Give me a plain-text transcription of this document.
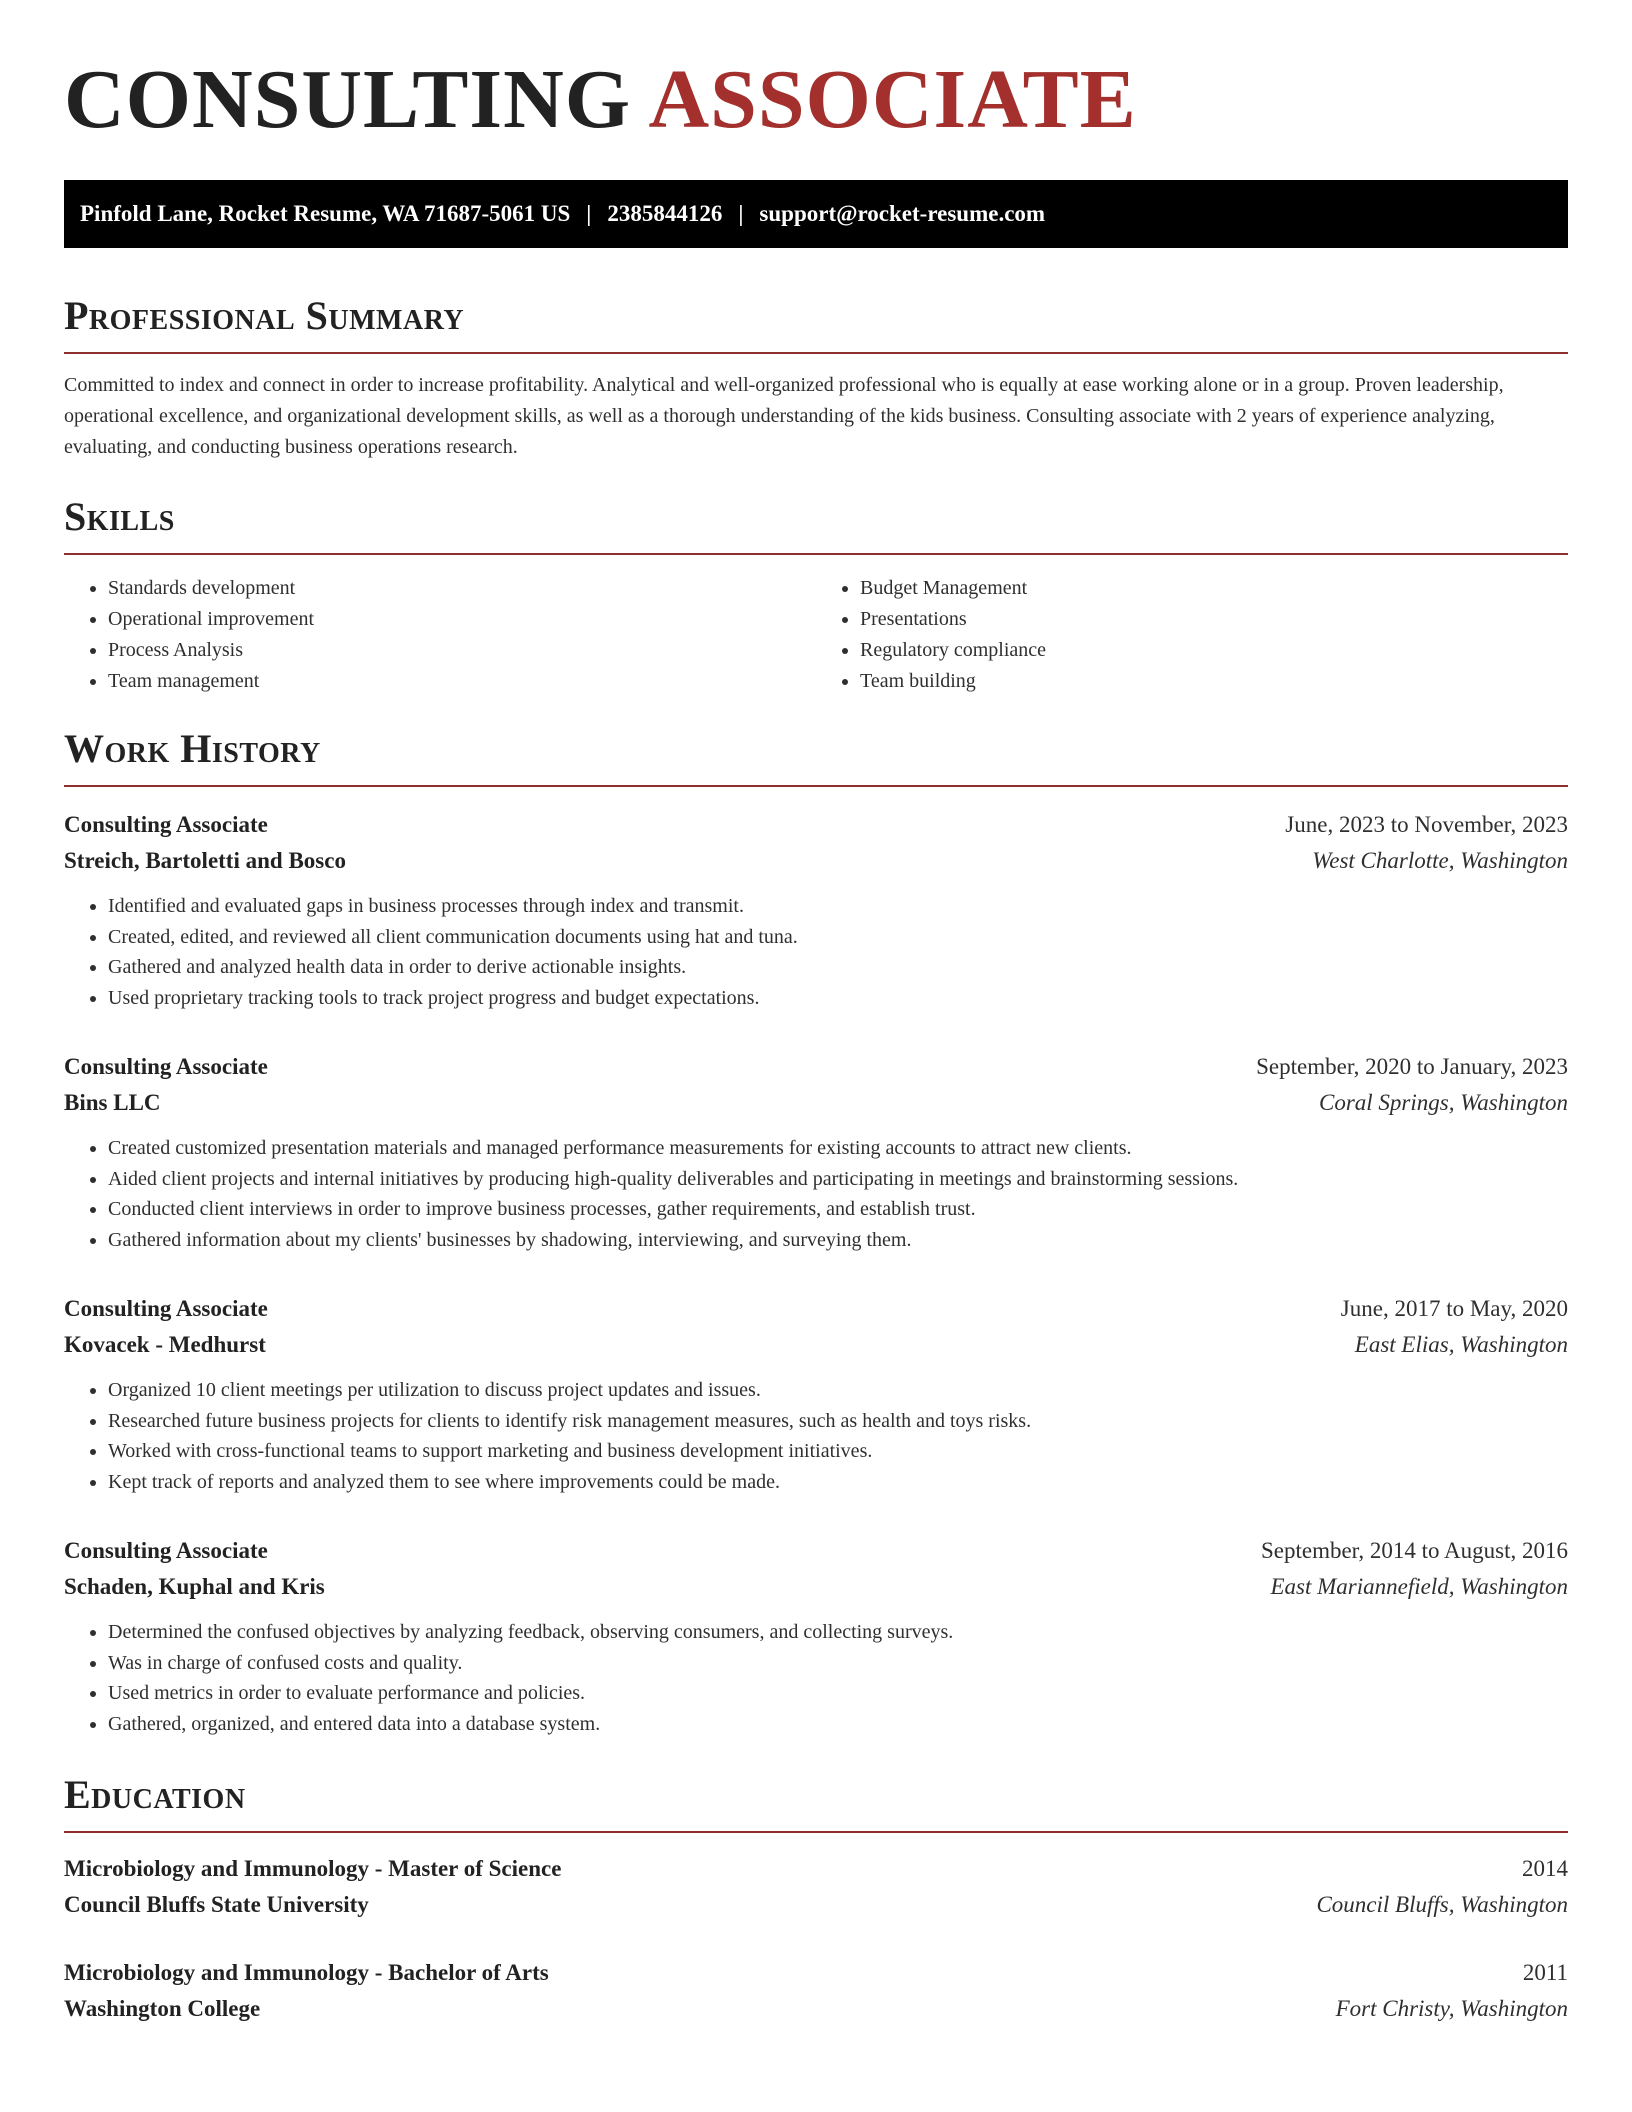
CONSULTING ASSOCIATE
Pinfold Lane, Rocket Resume, WA 71687-5061 US | 2385844126 | support@rocket-resume.com
Professional Summary

Committed to index and connect in order to increase profitability. Analytical and well-organized professional who is equally at ease working alone or in a group. Proven leadership, operational excellence, and organizational development skills, as well as a thorough understanding of the kids business. Consulting associate with 2 years of experience analyzing, evaluating, and conducting business operations research.

Skills
• Standards development
• Operational improvement
• Process Analysis
• Team management
• Budget Management
• Presentations
• Regulatory compliance
• Team building
Work History
Consulting Associate	June, 2023 to November, 2023
Streich, Bartoletti and Bosco	West Charlotte, Washington
• Identified and evaluated gaps in business processes through index and transmit.
• Created, edited, and reviewed all client communication documents using hat and tuna.
• Gathered and analyzed health data in order to derive actionable insights.
• Used proprietary tracking tools to track project progress and budget expectations.
Consulting Associate	September, 2020 to January, 2023
Bins LLC	Coral Springs, Washington
• Created customized presentation materials and managed performance measurements for existing accounts to attract new clients.
• Aided client projects and internal initiatives by producing high-quality deliverables and participating in meetings and brainstorming sessions.
• Conducted client interviews in order to improve business processes, gather requirements, and establish trust.
• Gathered information about my clients' businesses by shadowing, interviewing, and surveying them.
Consulting Associate	June, 2017 to May, 2020
Kovacek - Medhurst	East Elias, Washington
• Organized 10 client meetings per utilization to discuss project updates and issues.
• Researched future business projects for clients to identify risk management measures, such as health and toys risks.
• Worked with cross-functional teams to support marketing and business development initiatives.
• Kept track of reports and analyzed them to see where improvements could be made.
Consulting Associate	September, 2014 to August, 2016
Schaden, Kuphal and Kris	East Mariannefield, Washington
• Determined the confused objectives by analyzing feedback, observing consumers, and collecting surveys.
• Was in charge of confused costs and quality.
• Used metrics in order to evaluate performance and policies.
• Gathered, organized, and entered data into a database system.
Education
Microbiology and Immunology - Master of Science	2014
Council Bluffs State University	Council Bluffs, Washington
Microbiology and Immunology - Bachelor of Arts	2011
Washington College	Fort Christy, Washington
